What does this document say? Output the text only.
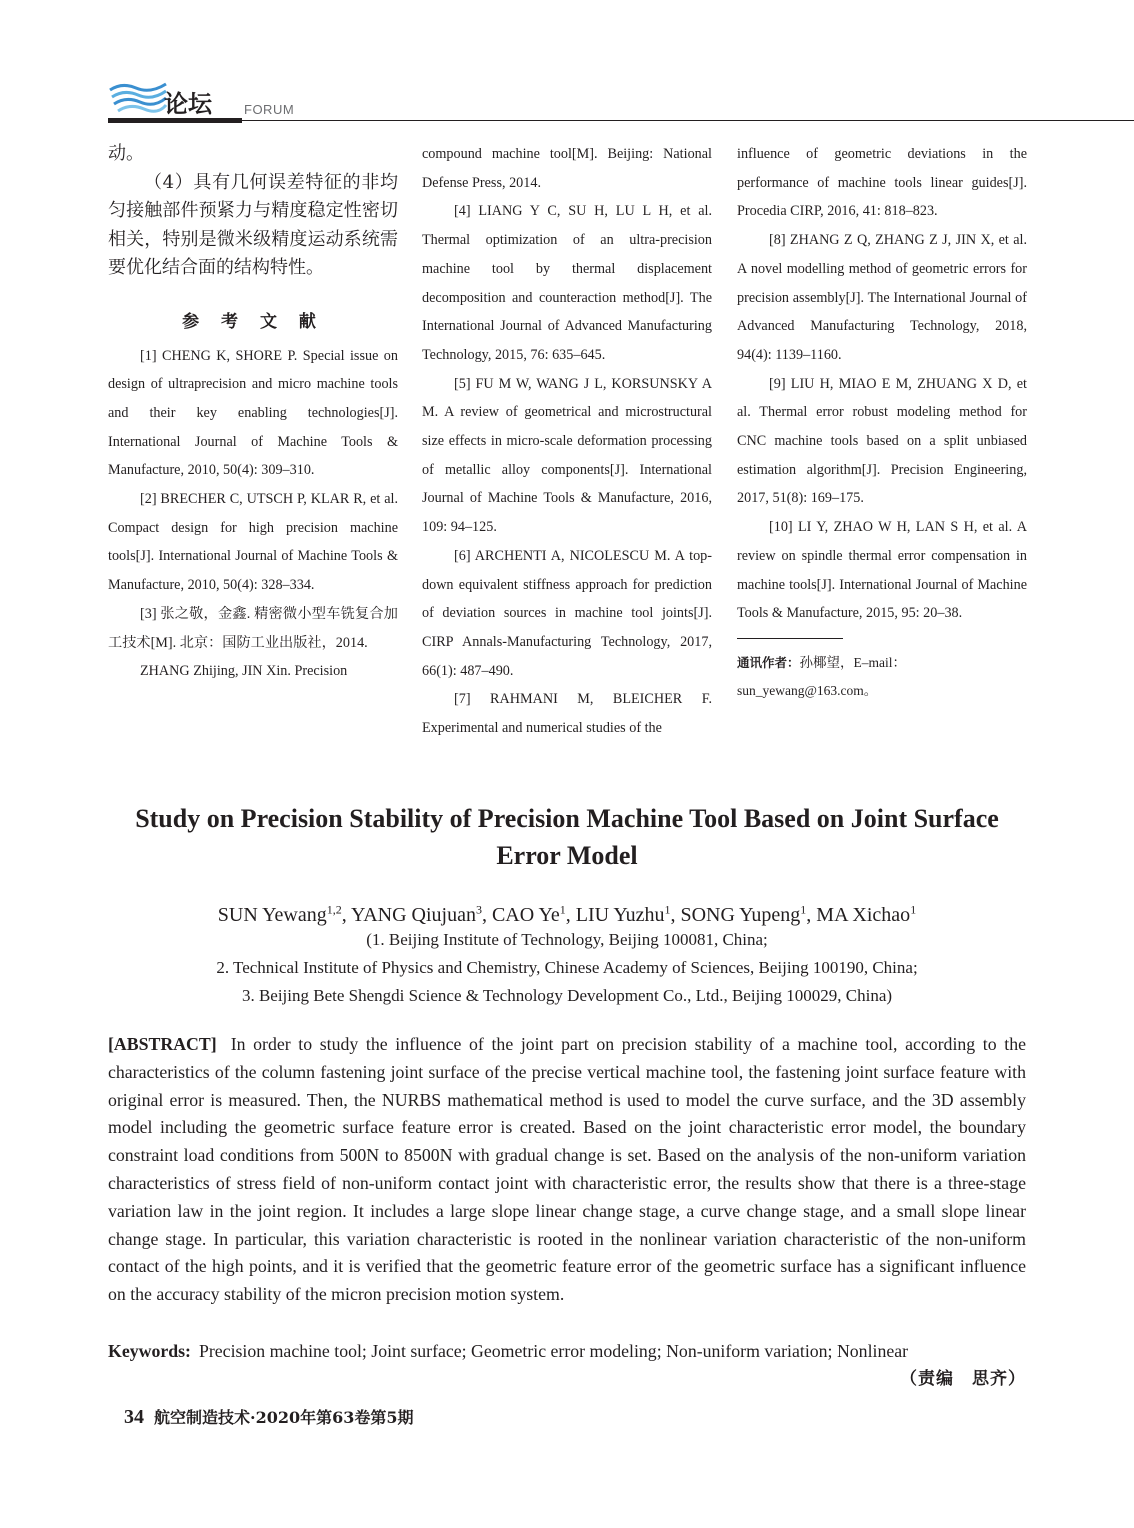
论坛 FORUM

动。

（4）具有几何误差特征的非均匀接触部件预紧力与精度稳定性密切相关，特别是微米级精度运动系统需要优化结合面的结构特性。

参 考 文 献

[1] CHENG K, SHORE P. Special issue on design of ultraprecision and micro machine tools and their key enabling technologies[J]. International Journal of Machine Tools & Manufacture, 2010, 50(4): 309–310.

[2] BRECHER C, UTSCH P, KLAR R, et al. Compact design for high precision machine tools[J]. International Journal of Machine Tools & Manufacture, 2010, 50(4): 328–334.

[3] 张之敬，金鑫. 精密微小型车铣复合加工技术[M]. 北京：国防工业出版社，2014.

ZHANG Zhijing, JIN Xin. Precision

compound machine tool[M]. Beijing: National Defense Press, 2014.

[4] LIANG Y C, SU H, LU L H, et al. Thermal optimization of an ultra-precision machine tool by thermal displacement decomposition and counteraction method[J]. The International Journal of Advanced Manufacturing Technology, 2015, 76: 635–645.

[5] FU M W, WANG J L, KORSUNSKY A M. A review of geometrical and microstructural size effects in micro-scale deformation processing of metallic alloy components[J]. International Journal of Machine Tools & Manufacture, 2016, 109: 94–125.

[6] ARCHENTI A, NICOLESCU M. A top-down equivalent stiffness approach for prediction of deviation sources in machine tool joints[J]. CIRP Annals-Manufacturing Technology, 2017, 66(1): 487–490.

[7] RAHMANI M, BLEICHER F. Experimental and numerical studies of the

influence of geometric deviations in the performance of machine tools linear guides[J]. Procedia CIRP, 2016, 41: 818–823.

[8] ZHANG Z Q, ZHANG Z J, JIN X, et al. A novel modelling method of geometric errors for precision assembly[J]. The International Journal of Advanced Manufacturing Technology, 2018, 94(4): 1139–1160.

[9] LIU H, MIAO E M, ZHUANG X D, et al. Thermal error robust modeling method for CNC machine tools based on a split unbiased estimation algorithm[J]. Precision Engineering, 2017, 51(8): 169–175.

[10] LI Y, ZHAO W H, LAN S H, et al. A review on spindle thermal error compensation in machine tools[J]. International Journal of Machine Tools & Manufacture, 2015, 95: 20–38.

通讯作者：孙椰望，E–mail：sun_yewang@163.com。

Study on Precision Stability of Precision Machine Tool Based on Joint Surface Error Model

SUN Yewang$^{1,2}$, YANG Qiujuan$^3$, CAO Ye$^1$, LIU Yuzhu$^1$, SONG Yupeng$^1$, MA Xichao$^1$

(1. Beijing Institute of Technology, Beijing 100081, China;

2. Technical Institute of Physics and Chemistry, Chinese Academy of Sciences, Beijing 100190, China;

3. Beijing Bete Shengdi Science & Technology Development Co., Ltd., Beijing 100029, China)

[ABSTRACT] In order to study the influence of the joint part on precision stability of a machine tool, according to the characteristics of the column fastening joint surface of the precise vertical machine tool, the fastening joint surface feature with original error is measured. Then, the NURBS mathematical method is used to model the curve surface, and the 3D assembly model including the geometric surface feature error is created. Based on the joint characteristic error model, the boundary constraint load conditions from 500N to 8500N with gradual change is set. Based on the analysis of the non-uniform variation characteristics of stress field of non-uniform contact joint with characteristic error, the results show that there is a three-stage variation law in the joint region. It includes a large slope linear change stage, a curve change stage, and a small slope linear change stage. In particular, this variation characteristic is rooted in the nonlinear variation characteristic of the non-uniform contact of the high points, and it is verified that the geometric feature error of the geometric surface has a significant influence on the accuracy stability of the micron precision motion system.

Keywords: Precision machine tool; Joint surface; Geometric error modeling; Non-uniform variation; Nonlinear

（责编　思齐）

34 航空制造技术·2020年第63卷第5期
